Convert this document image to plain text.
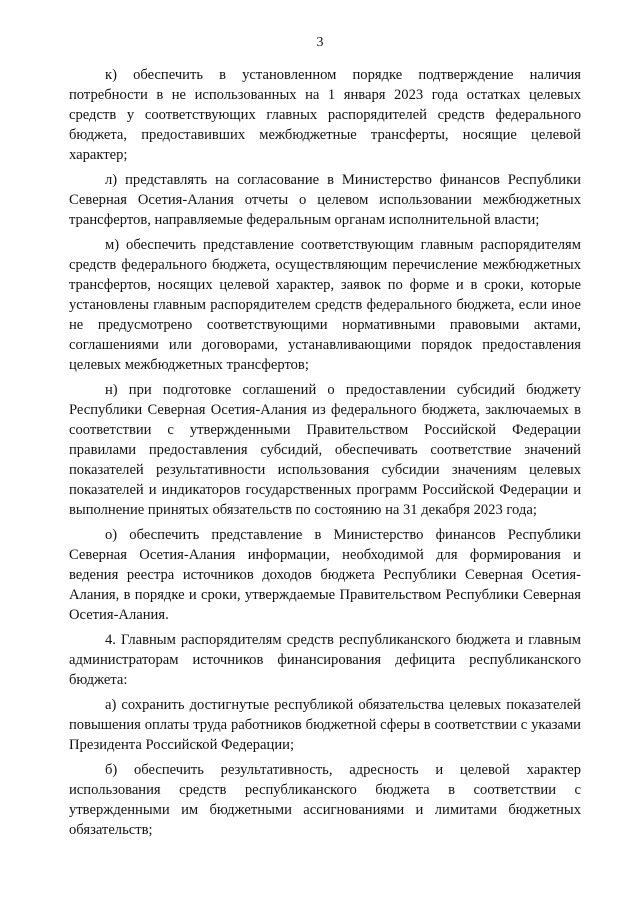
3

к) обеспечить в установленном порядке подтверждение наличия потребности в не использованных на 1 января 2023 года остатках целевых средств у соответствующих главных распорядителей средств федерального бюджета, предоставивших межбюджетные трансферты, носящие целевой характер;

л) представлять на согласование в Министерство финансов Республики Северная Осетия-Алания отчеты о целевом использовании межбюджетных трансфертов, направляемые федеральным органам исполнительной власти;

м) обеспечить представление соответствующим главным распорядителям средств федерального бюджета, осуществляющим перечисление межбюджетных трансфертов, носящих целевой характер, заявок по форме и в сроки, которые установлены главным распорядителем средств федерального бюджета, если иное не предусмотрено соответствующими нормативными правовыми актами, соглашениями или договорами, устанавливающими порядок предоставления целевых межбюджетных трансфертов;

н) при подготовке соглашений о предоставлении субсидий бюджету Республики Северная Осетия-Алания из федерального бюджета, заключаемых в соответствии с утвержденными Правительством Российской Федерации правилами предоставления субсидий, обеспечивать соответствие значений показателей результативности использования субсидии значениям целевых показателей и индикаторов государственных программ Российской Федерации и выполнение принятых обязательств по состоянию на 31 декабря 2023 года;

о) обеспечить представление в Министерство финансов Республики Северная Осетия-Алания информации, необходимой для формирования и ведения реестра источников доходов бюджета Республики Северная Осетия-Алания, в порядке и сроки, утверждаемые Правительством Республики Северная Осетия-Алания.

4. Главным распорядителям средств республиканского бюджета и главным администраторам источников финансирования дефицита республиканского бюджета:

а) сохранить достигнутые республикой обязательства целевых показателей повышения оплаты труда работников бюджетной сферы в соответствии с указами Президента Российской Федерации;

б) обеспечить результативность, адресность и целевой характер использования средств республиканского бюджета в соответствии с утвержденными им бюджетными ассигнованиями и лимитами бюджетных обязательств;
